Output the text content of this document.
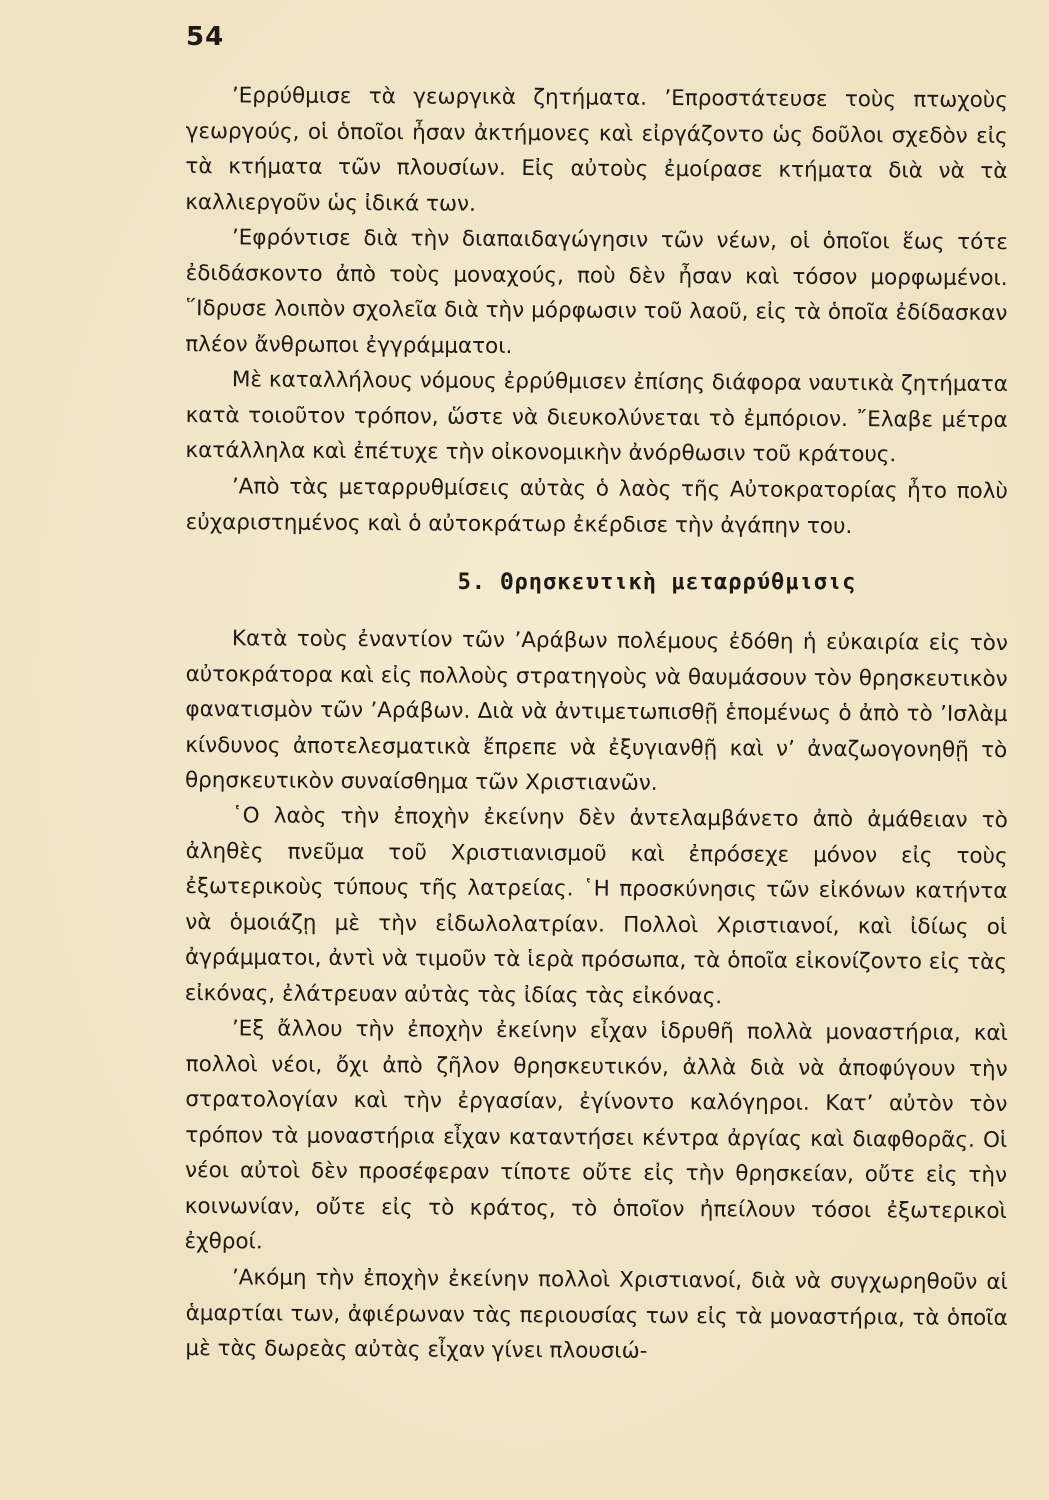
54

’Ερρύθμισε τὰ γεωργικὰ ζητήματα. ’Επροστάτευσε τοὺς πτωχοὺς γεωργούς, οἱ ὁποῖοι ἦσαν ἀκτήμονες καὶ εἰργάζοντο ὡς δοῦλοι σχεδὸν εἰς τὰ κτήματα τῶν πλουσίων. Εἰς αὐτοὺς ἐμοίρασε κτήματα διὰ νὰ τὰ καλλιεργοῦν ὡς ἰδικά των.

’Εφρόντισε διὰ τὴν διαπαιδαγώγησιν τῶν νέων, οἱ ὁποῖοι ἕως τότε ἐδιδάσκοντο ἀπὸ τοὺς μοναχούς, ποὺ δὲν ἦσαν καὶ τόσον μορφωμένοι. ῞Ιδρυσε λοιπὸν σχολεῖα διὰ τὴν μόρφωσιν τοῦ λαοῦ, εἰς τὰ ὁποῖα ἐδίδασκαν πλέον ἄνθρωποι ἐγγράμματοι.

Μὲ καταλλήλους νόμους ἐρρύθμισεν ἐπίσης διάφορα ναυτικὰ ζητήματα κατὰ τοιοῦτον τρόπον, ὥστε νὰ διευκολύνεται τὸ ἐμπόριον. ῎Ελαβε μέτρα κατάλληλα καὶ ἐπέτυχε τὴν οἰκονομικὴν ἀνόρθωσιν τοῦ κράτους.

’Απὸ τὰς μεταρρυθμίσεις αὐτὰς ὁ λαὸς τῆς Αὐτοκρατορίας ἦτο πολὺ εὐχαριστημένος καὶ ὁ αὐτοκράτωρ ἐκέρδισε τὴν ἀγάπην του.

5. Θρησκευτικὴ μεταρρύθμισις

Κατὰ τοὺς ἐναντίον τῶν ’Αράβων πολέμους ἐδόθη ἡ εὐκαιρία εἰς τὸν αὐτοκράτορα καὶ εἰς πολλοὺς στρατηγοὺς νὰ θαυμάσουν τὸν θρησκευτικὸν φανατισμὸν τῶν ’Αράβων. Διὰ νὰ ἀντιμετωπισθῇ ἑπομένως ὁ ἀπὸ τὸ ’Ισλὰμ κίνδυνος ἀποτελεσματικὰ ἔπρεπε νὰ ἐξυγιανθῇ καὶ ν’ ἀναζωογονηθῇ τὸ θρησκευτικὸν συναίσθημα τῶν Χριστιανῶν.

῾Ο λαὸς τὴν ἐποχὴν ἐκείνην δὲν ἀντελαμβάνετο ἀπὸ ἀμάθειαν τὸ ἀληθὲς πνεῦμα τοῦ Χριστιανισμοῦ καὶ ἐπρόσεχε μόνον εἰς τοὺς ἐξωτερικοὺς τύπους τῆς λατρείας. ῾Η προσκύνησις τῶν εἰκόνων κατήντα νὰ ὁμοιάζῃ μὲ τὴν εἰδωλολατρίαν. Πολλοὶ Χριστιανοί, καὶ ἰδίως οἱ ἀγράμματοι, ἀντὶ νὰ τιμοῦν τὰ ἱερὰ πρόσωπα, τὰ ὁποῖα εἰκονίζοντο εἰς τὰς εἰκόνας, ἐλάτρευαν αὐτὰς τὰς ἰδίας τὰς εἰκόνας.

’Εξ ἄλλου τὴν ἐποχὴν ἐκείνην εἶχαν ἱδρυθῆ πολλὰ μοναστήρια, καὶ πολλοὶ νέοι, ὄχι ἀπὸ ζῆλον θρησκευτικόν, ἀλλὰ διὰ νὰ ἀποφύγουν τὴν στρατολογίαν καὶ τὴν ἐργασίαν, ἐγίνοντο καλόγηροι. Κατ’ αὐτὸν τὸν τρόπον τὰ μοναστήρια εἶχαν καταντήσει κέντρα ἀργίας καὶ διαφθορᾶς. Οἱ νέοι αὐτοὶ δὲν προσέφεραν τίποτε οὔτε εἰς τὴν θρησκείαν, οὔτε εἰς τὴν κοινωνίαν, οὔτε εἰς τὸ κράτος, τὸ ὁποῖον ἠπείλουν τόσοι ἐξωτερικοὶ ἐχθροί.

’Ακόμη τὴν ἐποχὴν ἐκείνην πολλοὶ Χριστιανοί, διὰ νὰ συγχωρηθοῦν αἱ ἁμαρτίαι των, ἀφιέρωναν τὰς περιουσίας των εἰς τὰ μοναστήρια, τὰ ὁποῖα μὲ τὰς δωρεὰς αὐτὰς εἶχαν γίνει πλουσιώ-
